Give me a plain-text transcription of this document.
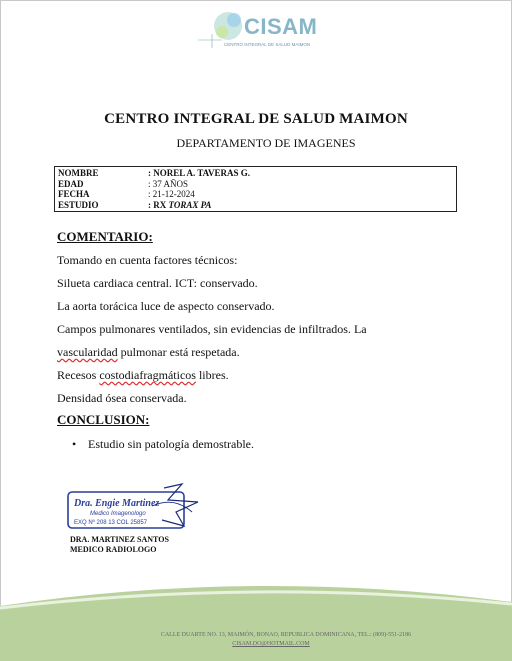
CISAM
CENTRO INTEGRAL DE SALUD MAIMON
CENTRO INTEGRAL DE SALUD MAIMON
DEPARTAMENTO DE IMAGENES
NOMBRE	: NOREL A. TAVERAS G.
EDAD	: 37 AÑOS
FECHA	: 21-12-2024
ESTUDIO	: RX TORAX PA
COMENTARIO:
Tomando en cuenta factores técnicos:
Silueta cardiaca central. ICT: conservado.
La aorta torácica luce de aspecto conservado.
Campos pulmonares ventilados, sin evidencias de infiltrados. La
vascularidad pulmonar está respetada.
Recesos costodiafragmáticos libres.
Densidad ósea conservada.
CONCLUSION:
• Estudio sin patología demostrable.
Dra. Engie Martinez
Medico Imagenologo
EXQ Nº 208 13 COL 25857
DRA. MARTINEZ SANTOS
MEDICO RADIOLOGO
CALLE DUARTE NO. 13, MAIMÓN, BONAO, REPUBLICA DOMINICANA, TEL.: (809)-551-2186
CISAM.DO@HOTMAIL.COM
